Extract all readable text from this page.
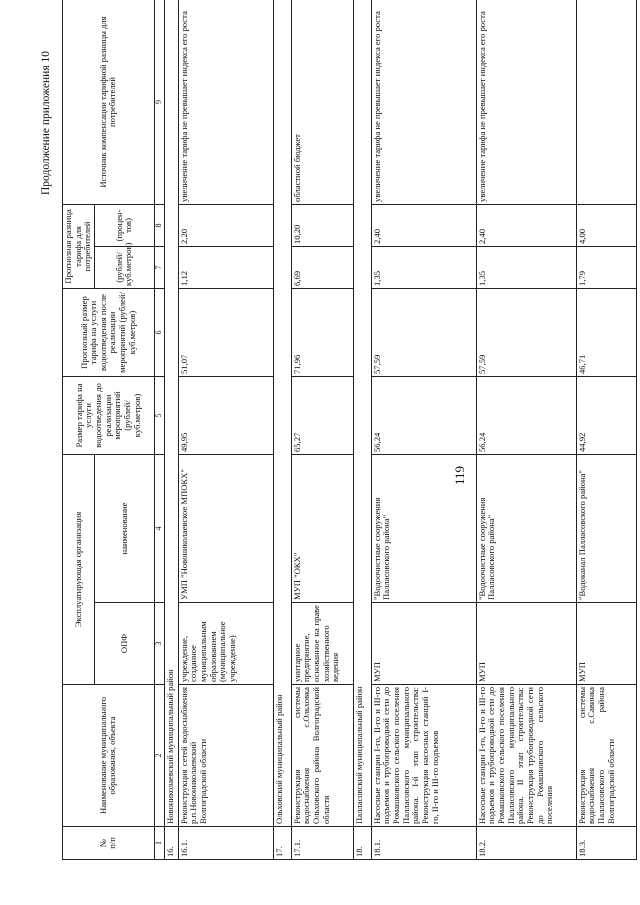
119
Продолжение приложения 10
№
п/п	Наименование муниципального образования, объекта	Эксплуатирующая организация		Размер тарифа на услуги водоотведения до реализации мероприятий (рублей/ куб.метров)	Прогнозный размер тарифа на услуги водоотведения после реализации мероприятий (рублей/ куб.метров)	Прогнозная разница тарифа для потребителей		Источник компенсации тарифной разницы для потребителей
		ОПФ	наименование			(рублей/ куб.метров)	(процен-тов)	
1	2	3	4	5	6	7	8	9
16.	Новониколаевский муниципальный район							
16.1.	Реконструкция сетей водоснабжения р.п.Новониколаевский Волгоградской области	учреждение, созданное муниципальным образованием (муниципальное учреждение)	УМП "Новониколаевское МПОКХ"	49,95	51,07	1,12	2,20	увеличение тарифа не превышает индекса его роста
17.	Ольховский муниципальный район							
17.1.	Реконструкция системы водоснабжения с.Ольховка Ольховского района Волгоградской области	унитарное предприятие, основанное на праве хозяйственного ведения	МУП "ОКХ"	65,27	71,96	6,69	10,20	областной бюджет
18.	Палласовский муниципальный район							
18.1.	Насосные станции I-го, II-го и III-го подъемов и трубопроводной сети до Ромашковского сельского поселения Палласовского муниципального района. I-й этап строительства: Реконструкция насосных станций I-го, II-го и III-го подъемов	МУП	"Водоочистные сооружения Палласовского района"	56,24	57,59	1,35	2,40	увеличение тарифа не превышает индекса его роста
18.2.	Насосные станции I-го, II-го и III-го подъемов и трубопроводной сети до Ромашковского сельского поселения Палласовского муниципального района. II этап строительства: Реконструкция трубопроводной сети до Ромашковского сельского поселения	МУП	"Водоочистные сооружения Палласовского района"	56,24	57,59	1,35	2,40	увеличение тарифа не превышает индекса его роста
18.3.	Реконструкция системы водоснабжения с.Савинка Палласовского района Волгоградской области	МУП	"Водоканал Палласовского района"	44,92	46,71	1,79	4,00	
